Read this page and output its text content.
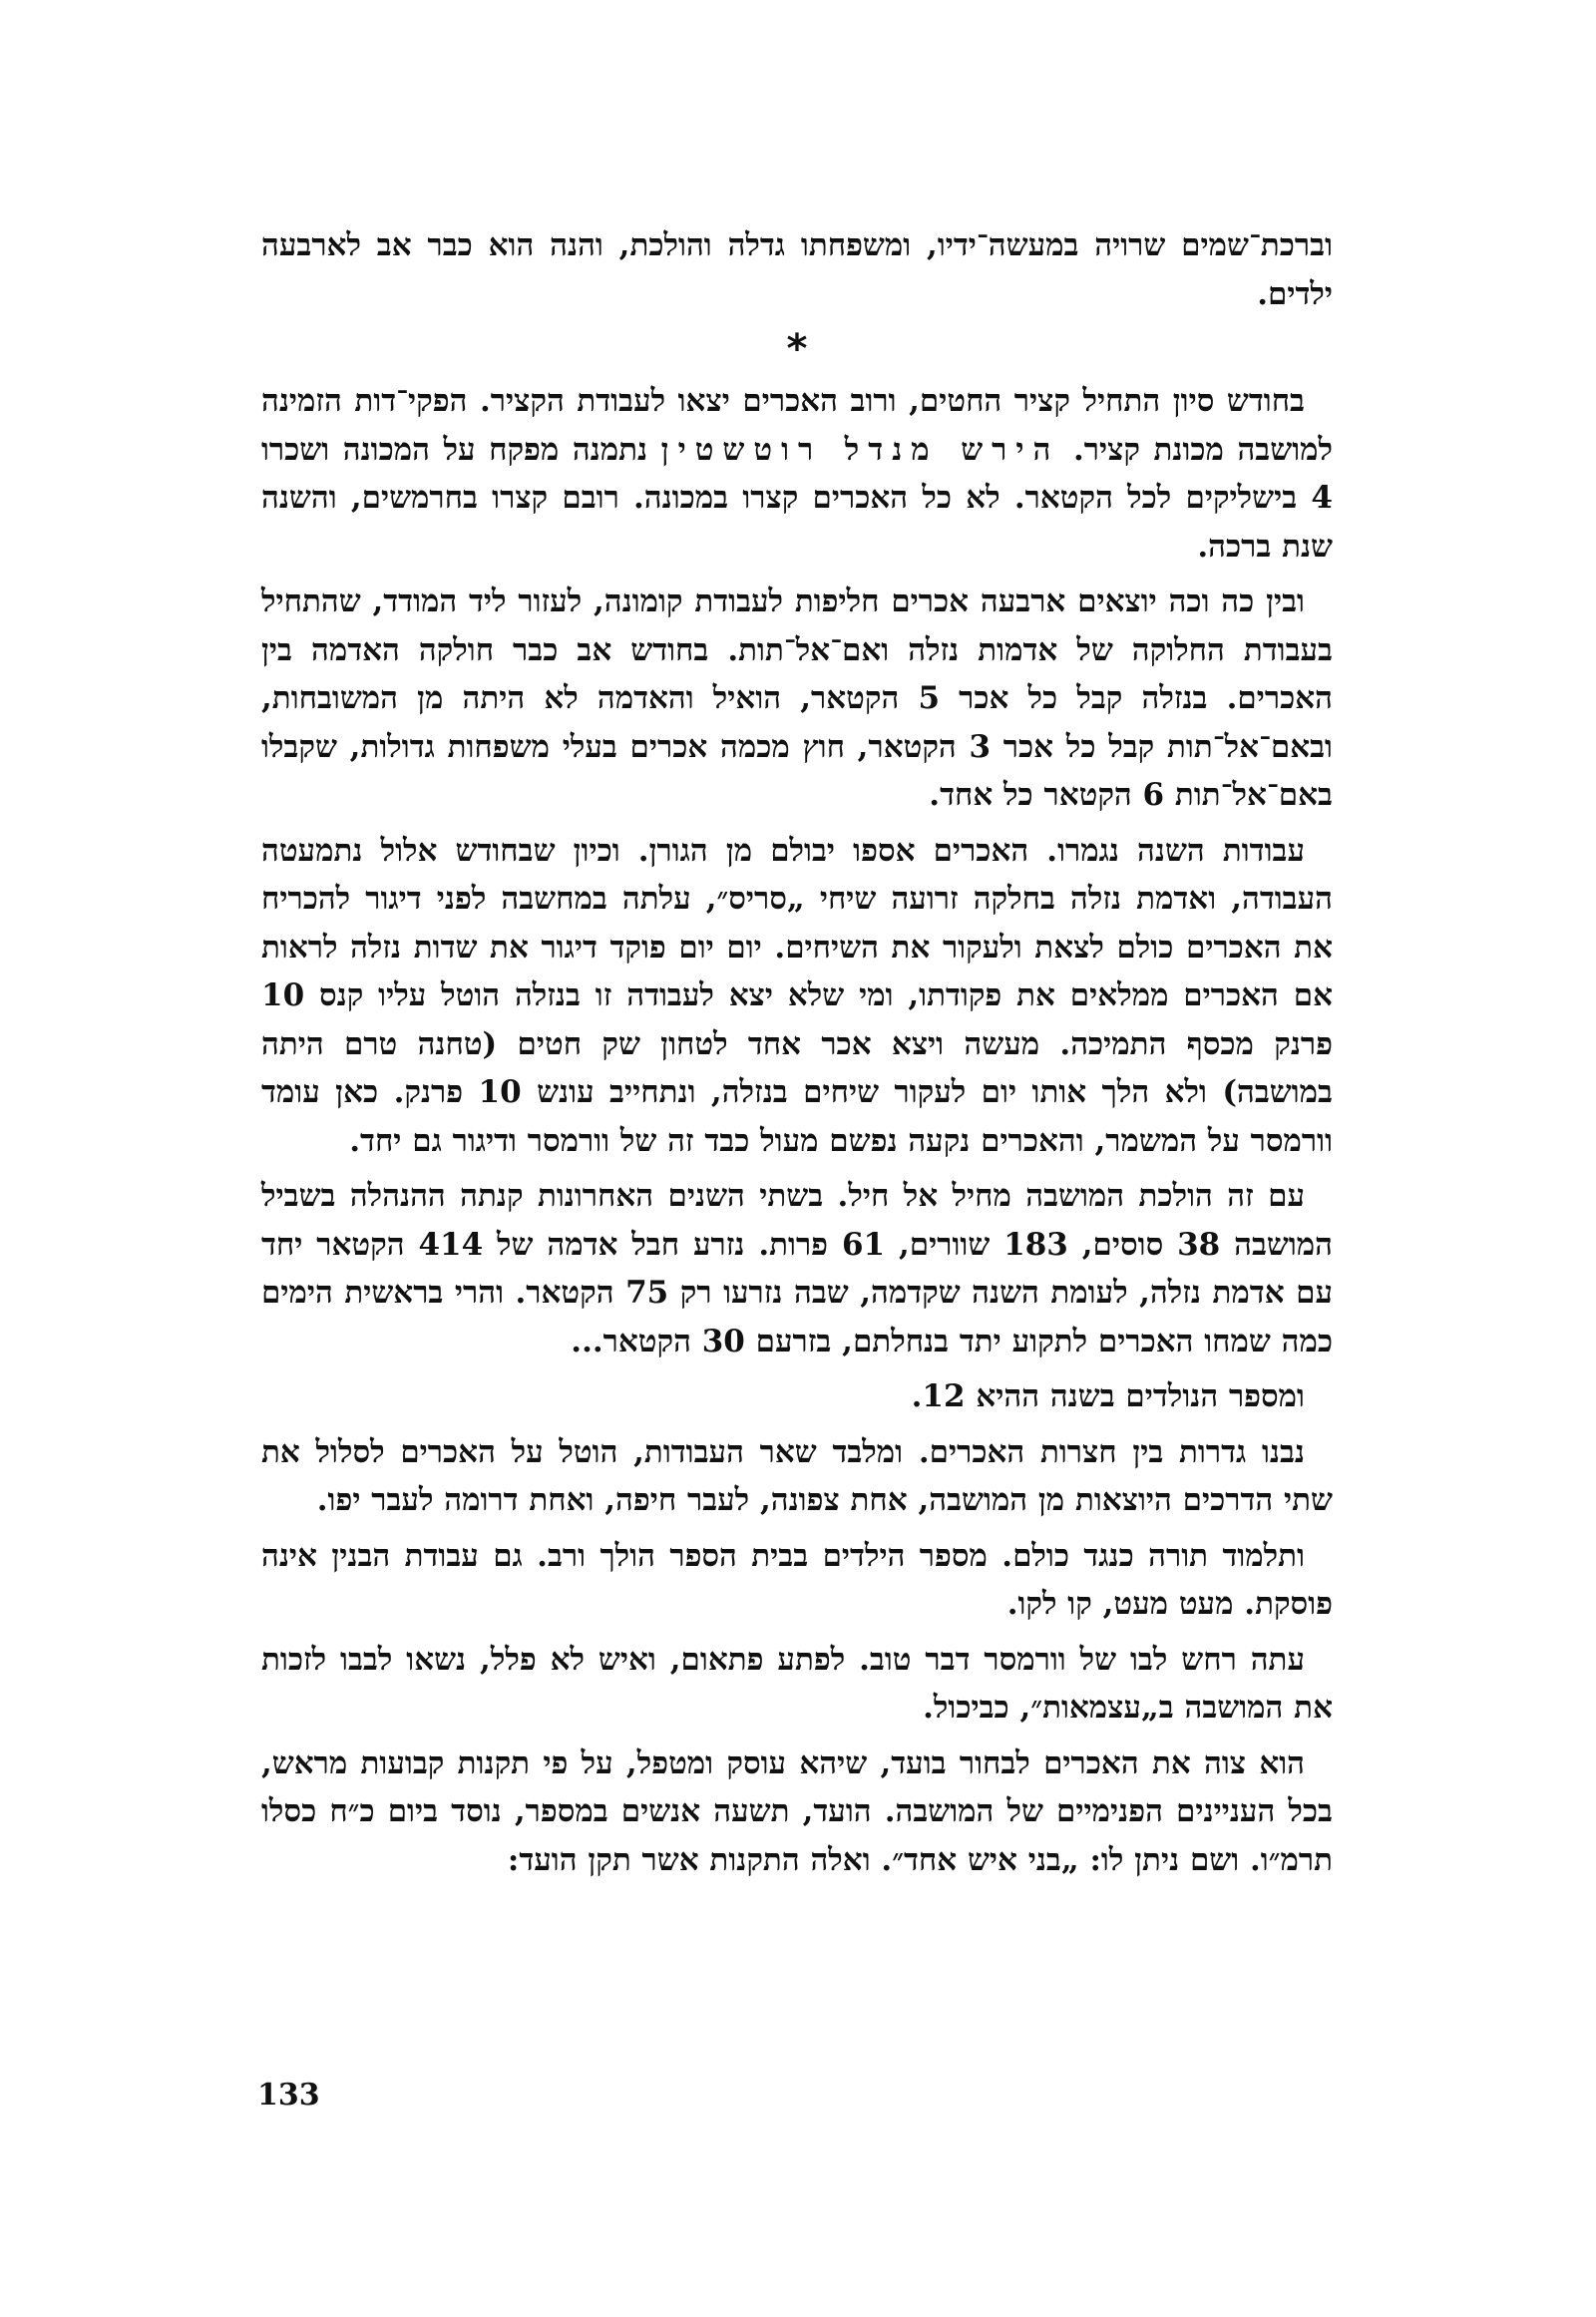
וברכת־שמים שרויה במעשה־ידיו, ומשפחתו גדלה והולכת, והנה הוא כבר אב לארבעה ילדים.

*

בחודש סיון התחיל קציר החטים, ורוב האכרים יצאו לעבודת הקציר. הפקי־דות הזמינה למושבה מכונת קציר. הירש מנדל רוטשטין נתמנה מפקח על המכונה ושכרו 4 בישליקים לכל הקטאר. לא כל האכרים קצרו במכונה. רובם קצרו בחרמשים, והשנה שנת ברכה.

ובין כה וכה יוצאים ארבעה אכרים חליפות לעבודת קומונה, לעזור ליד המודד, שהתחיל בעבודת החלוקה של אדמות נזלה ואם־אל־תות. בחודש אב כבר חולקה האדמה בין האכרים. בנזלה קבל כל אכר 5 הקטאר, הואיל והאדמה לא היתה מן המשובחות, ובאם־אל־תות קבל כל אכר 3 הקטאר, חוץ מכמה אכרים בעלי משפחות גדולות, שקבלו באם־אל־תות 6 הקטאר כל אחד.

עבודות השנה נגמרו. האכרים אספו יבולם מן הגורן. וכיון שבחודש אלול נתמעטה העבודה, ואדמת נזלה בחלקה זרועה שיחי „סריס״, עלתה במחשבה לפני דיגור להכריח את האכרים כולם לצאת ולעקור את השיחים. יום יום פוקד דיגור את שדות נזלה לראות אם האכרים ממלאים את פקודתו, ומי שלא יצא לעבודה זו בנזלה הוטל עליו קנס 10 פרנק מכסף התמיכה. מעשה ויצא אכר אחד לטחון שק חטים (טחנה טרם היתה במושבה) ולא הלך אותו יום לעקור שיחים בנזלה, ונתחייב עונש 10 פרנק. כאן עומד וורמסר על המשמר, והאכרים נקעה נפשם מעול כבד זה של וורמסר ודיגור גם יחד.

עם זה הולכת המושבה מחיל אל חיל. בשתי השנים האחרונות קנתה ההנהלה בשביל המושבה 38 סוסים, 183 שוורים, 61 פרות. נזרע חבל אדמה של 414 הקטאר יחד עם אדמת נזלה, לעומת השנה שקדמה, שבה נזרעו רק 75 הקטאר. והרי בראשית הימים כמה שמחו האכרים לתקוע יתד בנחלתם, בזרעם 30 הקטאר...

ומספר הנולדים בשנה ההיא 12.

נבנו גדרות בין חצרות האכרים. ומלבד שאר העבודות, הוטל על האכרים לסלול את שתי הדרכים היוצאות מן המושבה, אחת צפונה, לעבר חיפה, ואחת דרומה לעבר יפו.

ותלמוד תורה כנגד כולם. מספר הילדים בבית הספר הולך ורב. גם עבודת הבנין אינה פוסקת. מעט מעט, קו לקו.

עתה רחש לבו של וורמסר דבר טוב. לפתע פתאום, ואיש לא פלל, נשאו לבבו לזכות את המושבה ב„עצמאות״, כביכול.

הוא צוה את האכרים לבחור בועד, שיהא עוסק ומטפל, על פי תקנות קבועות מראש, בכל העניינים הפנימיים של המושבה. הועד, תשעה אנשים במספר, נוסד ביום כ״ח כסלו תרמ״ו. ושם ניתן לו: „בני איש אחד״. ואלה התקנות אשר תקן הועד:

133
